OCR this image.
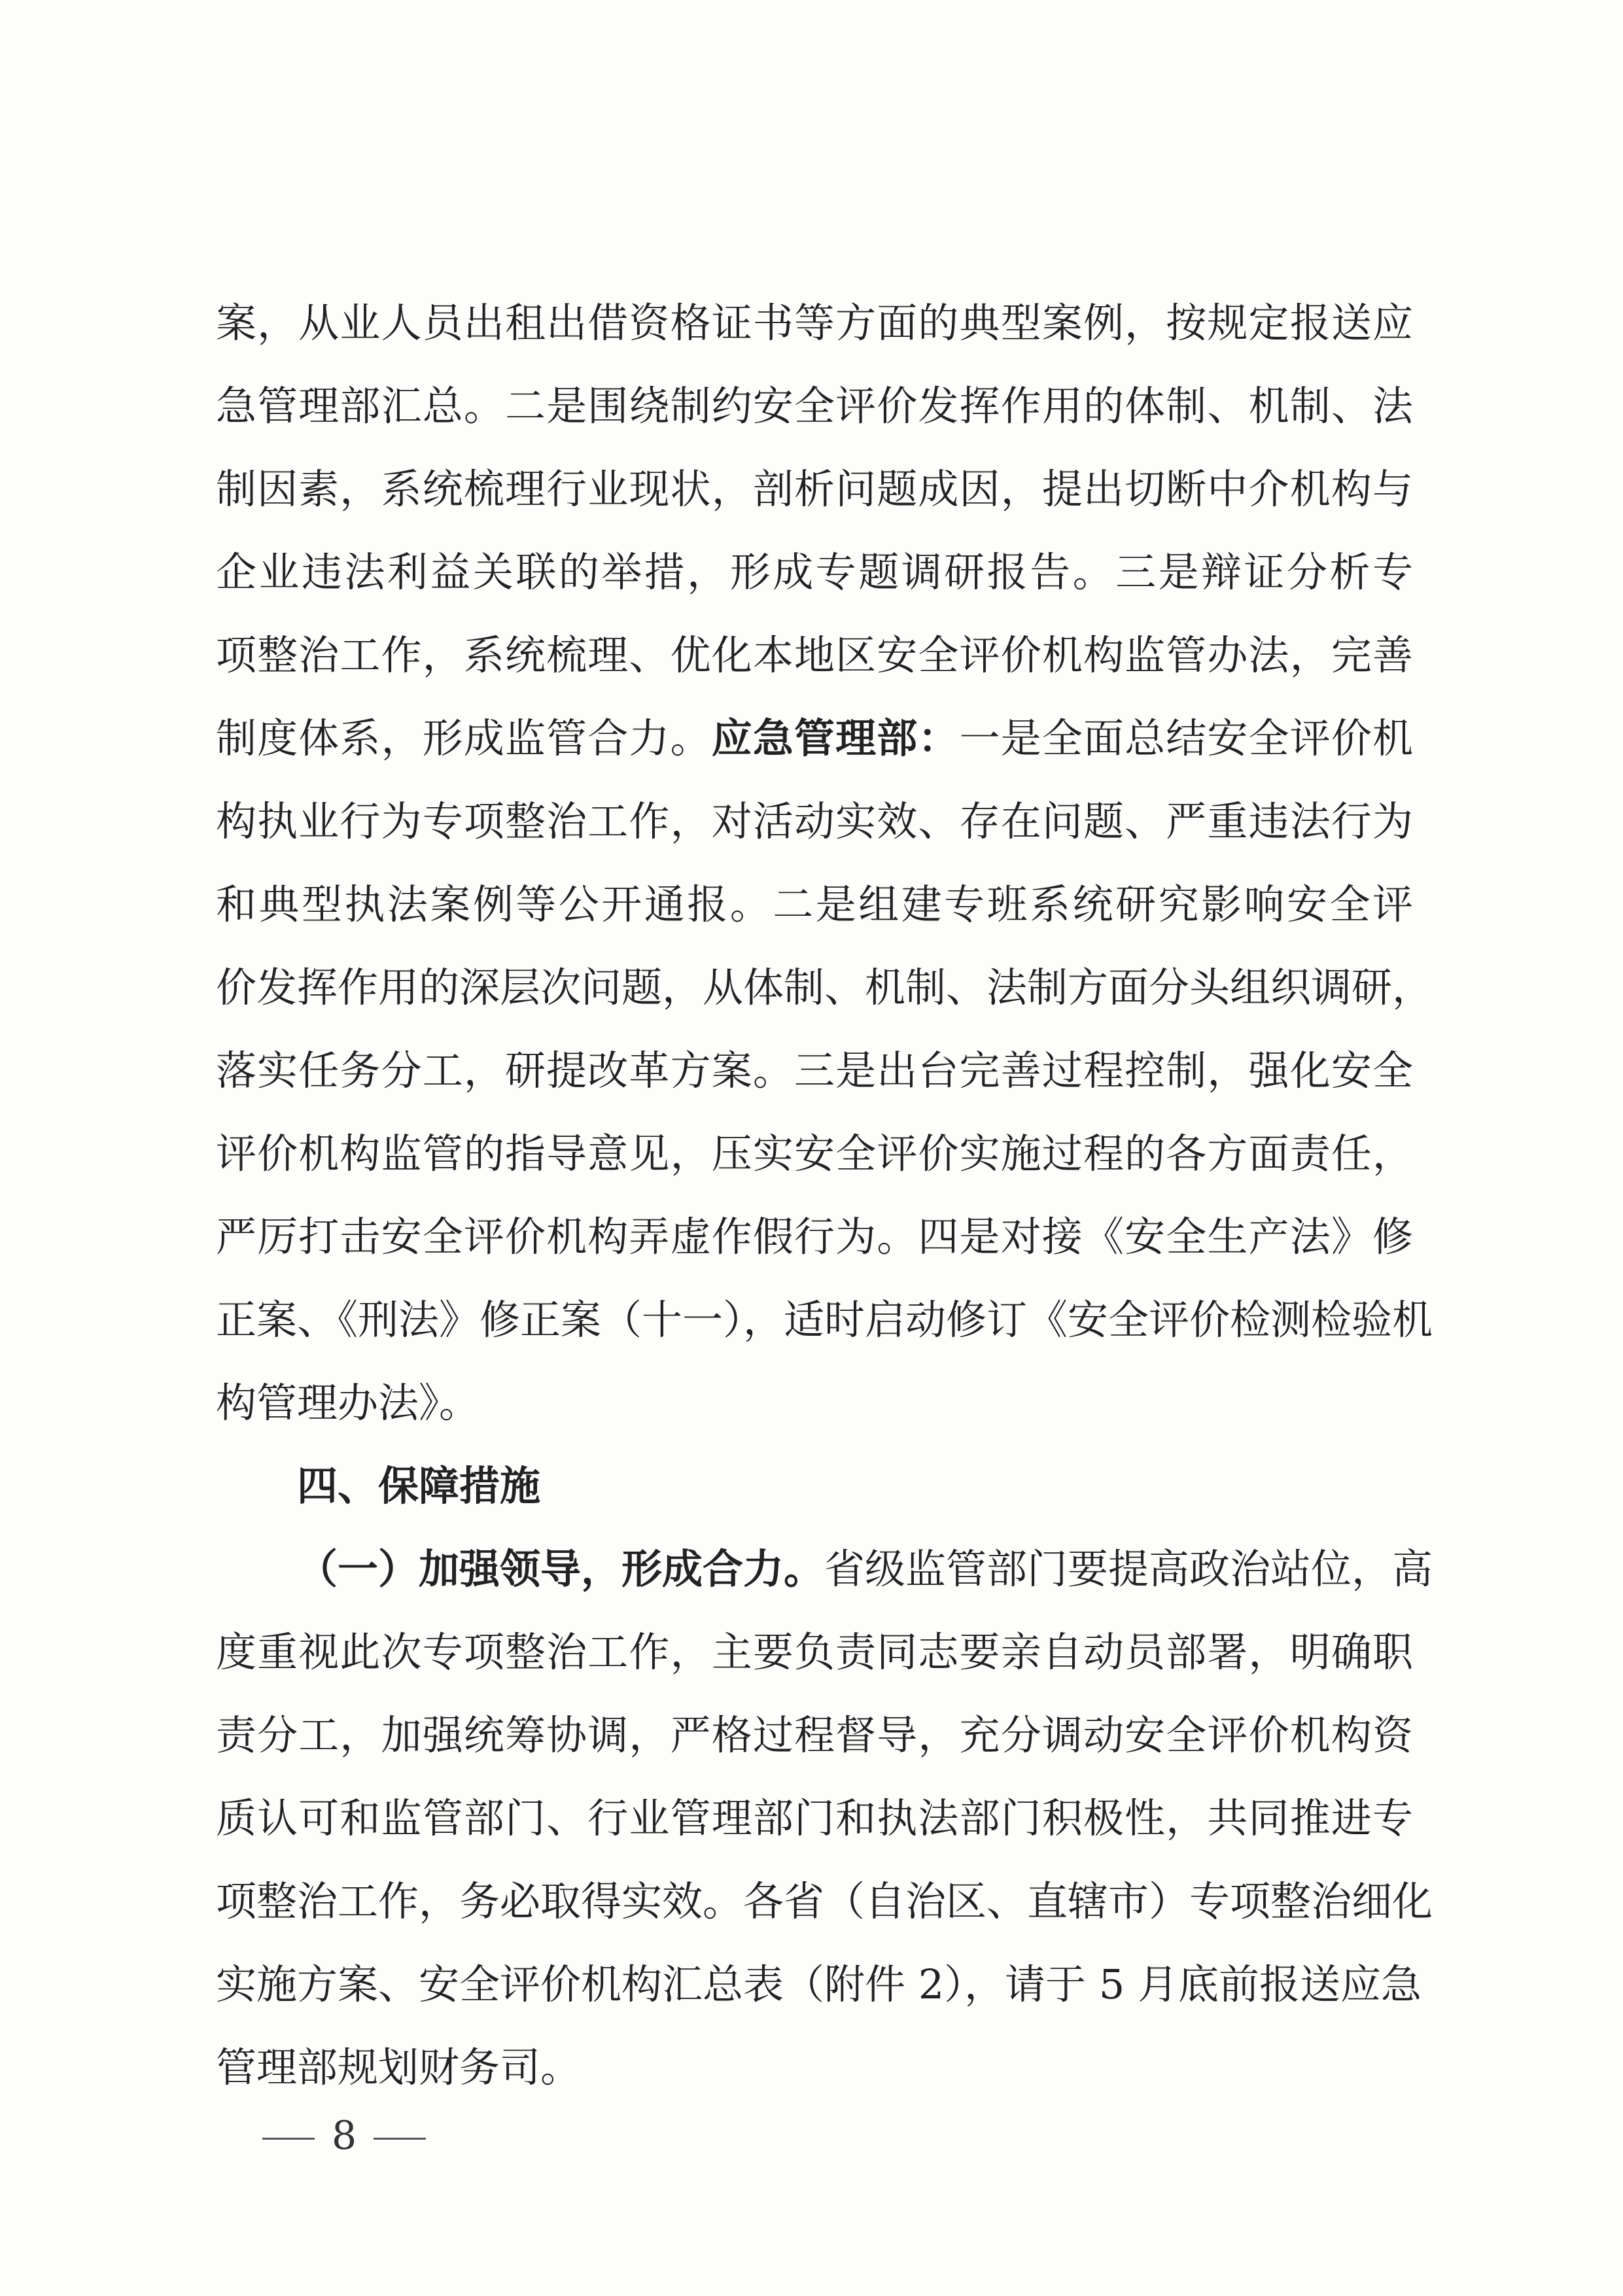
案，从业人员出租出借资格证书等方面的典型案例，按规定报送应
急管理部汇总。二是围绕制约安全评价发挥作用的体制、机制、法
制因素，系统梳理行业现状，剖析问题成因，提出切断中介机构与
企业违法利益关联的举措，形成专题调研报告。三是辩证分析专
项整治工作，系统梳理、优化本地区安全评价机构监管办法，完善
制度体系，形成监管合力。应急管理部：一是全面总结安全评价机
构执业行为专项整治工作，对活动实效、存在问题、严重违法行为
和典型执法案例等公开通报。二是组建专班系统研究影响安全评
价发挥作用的深层次问题，从体制、机制、法制方面分头组织调研，
落实任务分工，研提改革方案。三是出台完善过程控制，强化安全
评价机构监管的指导意见，压实安全评价实施过程的各方面责任，
严厉打击安全评价机构弄虚作假行为。四是对接《安全生产法》修
正案、《刑法》修正案（十一），适时启动修订《安全评价检测检验机
构管理办法》。
四、保障措施
（一）加强领导，形成合力。省级监管部门要提高政治站位，高
度重视此次专项整治工作，主要负责同志要亲自动员部署，明确职
责分工，加强统筹协调，严格过程督导，充分调动安全评价机构资
质认可和监管部门、行业管理部门和执法部门积极性，共同推进专
项整治工作，务必取得实效。各省（自治区、直辖市）专项整治细化
实施方案、安全评价机构汇总表（附件 2），请于 5 月底前报送应急
管理部规划财务司。
8
